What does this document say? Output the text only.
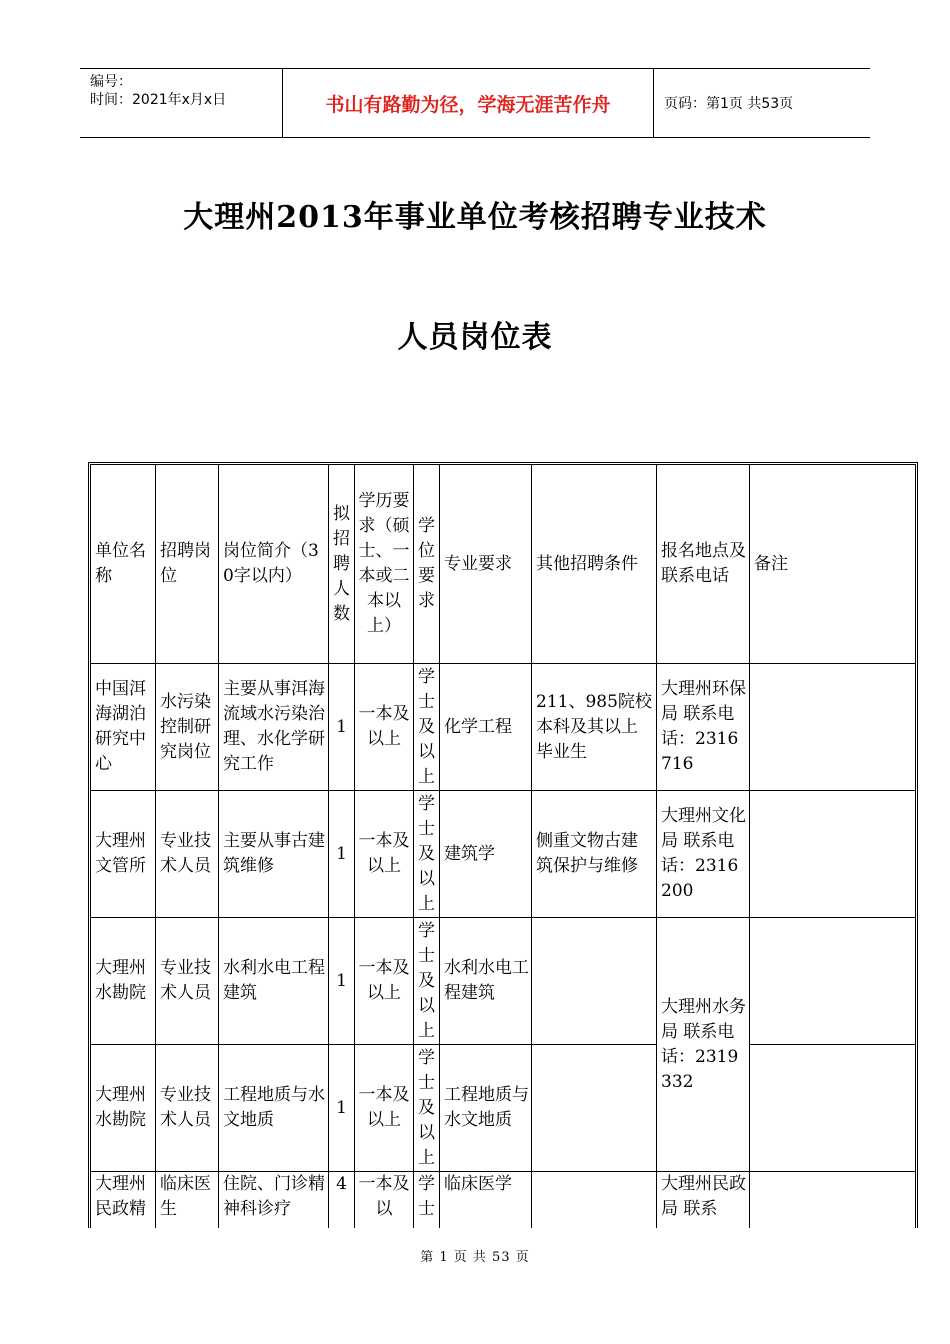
编号：
时间：2021年x月x日	书山有路勤为径，学海无涯苦作舟	页码：第1页 共53页
大理州2013年事业单位考核招聘专业技术
人员岗位表
单位名称	招聘岗位	岗位简介（30字以内）	拟招聘人数	学历要求（硕士、一本或二本以上）	学位要求	专业要求	其他招聘条件	报名地点及联系电话	备注
中国洱海湖泊研究中心	水污染控制研究岗位	主要从事洱海流域水污染治理、水化学研究工作	1	一本及以上	学士及以上	化学工程	211、985院校本科及其以上毕业生	大理州环保局 联系电话：2316716	
大理州文管所	专业技术人员	主要从事古建筑维修	1	一本及以上	学士及以上	建筑学	侧重文物古建筑保护与维修	大理州文化局 联系电话：2316200	
大理州水勘院	专业技术人员	水利水电工程建筑	1	一本及以上	学士及以上	水利水电工程建筑		大理州水务局 联系电话：2319332	
大理州水勘院	专业技术人员	工程地质与水文地质	1	一本及以上	学士及以上	工程地质与水文地质			
大理州民政精	临床医生	住院、门诊精神科诊疗	4	一本及以	学士	临床医学		大理州民政局 联系	
第 1 页 共 53 页
